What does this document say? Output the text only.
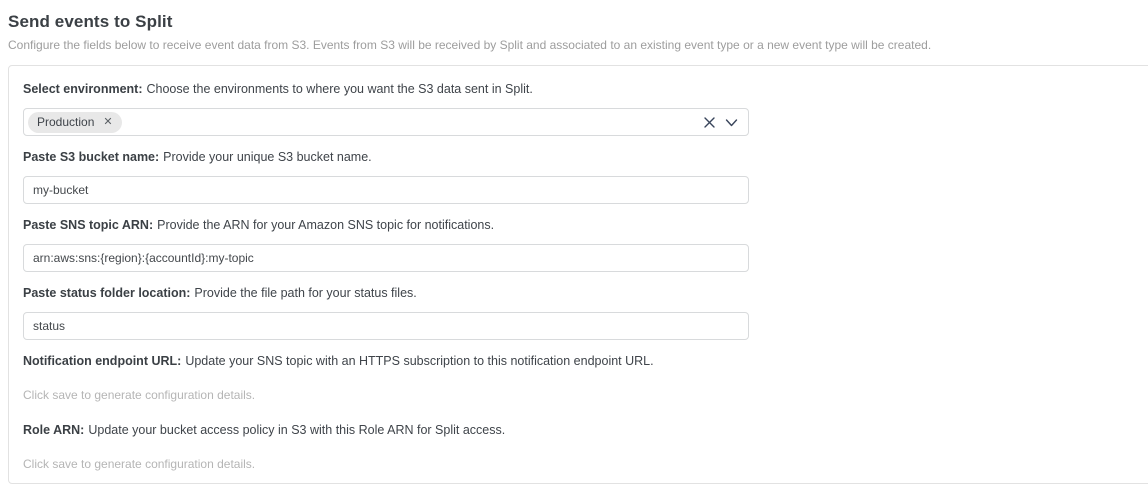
Send events to Split
Configure the fields below to receive event data from S3. Events from S3 will be received by Split and associated to an existing event type or a new event type will be created.
Select environment: Choose the environments to where you want the S3 data sent in Split.
Production ✕
Paste S3 bucket name: Provide your unique S3 bucket name.
my-bucket
Paste SNS topic ARN: Provide the ARN for your Amazon SNS topic for notifications.
arn:aws:sns:{region}:{accountId}:my-topic
Paste status folder location: Provide the file path for your status files.
status
Notification endpoint URL: Update your SNS topic with an HTTPS subscription to this notification endpoint URL.
Click save to generate configuration details.
Role ARN: Update your bucket access policy in S3 with this Role ARN for Split access.
Click save to generate configuration details.
